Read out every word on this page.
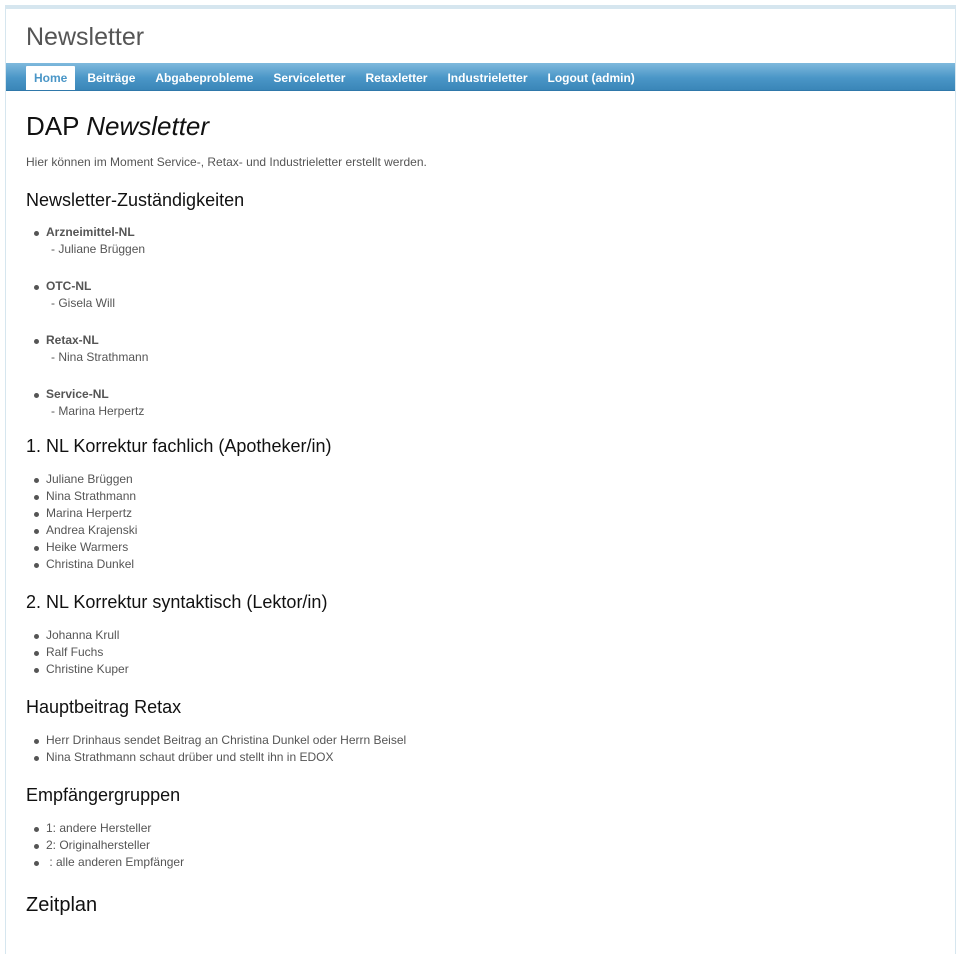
Newsletter
Home	Beiträge	Abgabeprobleme	Serviceletter	Retaxletter	Industrieletter	Logout (admin)
DAP Newsletter

Hier können im Moment Service-, Retax- und Industrieletter erstellt werden.

Newsletter-Zuständigkeiten
Arzneimittel-NL
- Juliane Brüggen
OTC-NL
- Gisela Will
Retax-NL
- Nina Strathmann
Service-NL
- Marina Herpertz
1. NL Korrektur fachlich (Apotheker/in)
Juliane Brüggen
Nina Strathmann
Marina Herpertz
Andrea Krajenski
Heike Warmers
Christina Dunkel
2. NL Korrektur syntaktisch (Lektor/in)
Johanna Krull
Ralf Fuchs
Christine Kuper
Hauptbeitrag Retax
Herr Drinhaus sendet Beitrag an Christina Dunkel oder Herrn Beisel
Nina Strathmann schaut drüber und stellt ihn in EDOX
Empfängergruppen
1: andere Hersteller
2: Originalhersteller
: alle anderen Empfänger
Zeitplan
